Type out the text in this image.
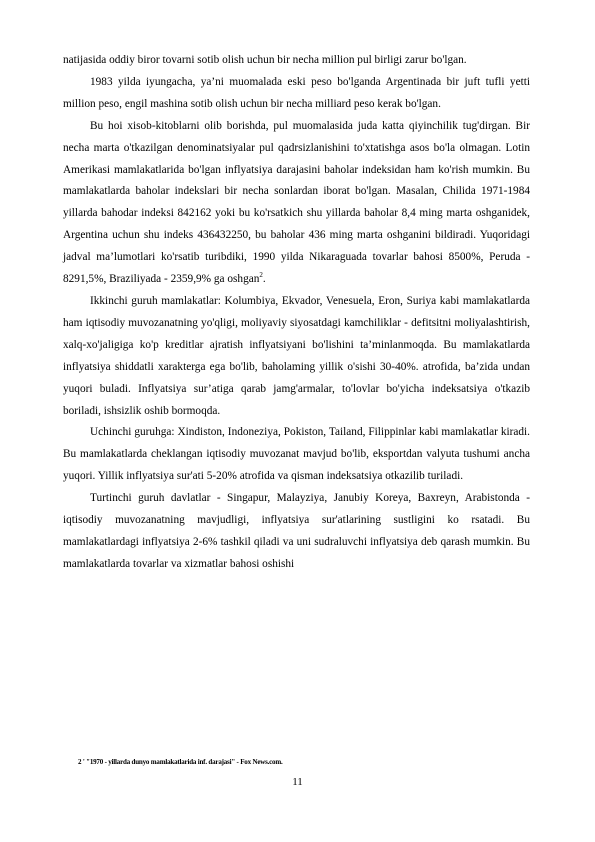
natijasida oddiy biror tovarni sotib olish uchun bir necha million pul birligi zarur bo'lgan.

1983 yilda iyungacha, ya’ni muomalada eski peso bo'lganda Argentinada bir juft tufli yetti million peso, engil mashina sotib olish uchun bir necha milliard peso kerak bo'lgan.

Bu hoi xisob-kitoblarni olib borishda, pul muomalasida juda katta qiyinchilik tug'dirgan. Bir necha marta o'tkazilgan denominatsiyalar pul qadrsizlanishini to'xtatishga asos bo'la olmagan. Lotin Amerikasi mamlakatlarida bo'lgan inflyatsiya darajasini baholar indeksidan ham ko'rish mumkin. Bu mamlakatlarda baholar indekslari bir necha sonlardan iborat bo'lgan. Masalan, Chilida 1971-1984 yillarda bahodar indeksi 842162 yoki bu ko'rsatkich shu yillarda baholar 8,4 ming marta oshganidek, Argentina uchun shu indeks 436432250, bu baholar 436 ming marta oshganini bildiradi. Yuqoridagi jadval ma’lumotlari ko'rsatib turibdiki, 1990 yilda Nikaraguada tovarlar bahosi 8500%, Peruda - 8291,5%, Braziliyada - 2359,9% ga oshgan$^2$.

Ikkinchi guruh mamlakatlar: Kolumbiya, Ekvador, Venesuela, Eron, Suriya kabi mamlakatlarda ham iqtisodiy muvozanatning yo'qligi, moliyaviy siyosatdagi kamchiliklar - defitsitni moliyalashtirish, xalq-xo'jaligiga ko'p kreditlar ajratish inflyatsiyani bo'lishini ta’minlanmoqda. Bu mamlakatlarda inflyatsiya shiddatli xarakterga ega bo'lib, baholaming yillik o'sishi 30-40%. atrofida, ba’zida undan yuqori buladi. Inflyatsiya sur’atiga qarab jamg'armalar, to'lovlar bo'yicha indeksatsiya o'tkazib boriladi, ishsizlik oshib bormoqda.

Uchinchi guruhga: Xindiston, Indoneziya, Pokiston, Tailand, Filippinlar kabi mamlakatlar kiradi. Bu mamlakatlarda cheklangan iqtisodiy muvozanat mavjud bo'lib, eksportdan valyuta tushumi ancha yuqori. Yillik inflyatsiya sur'ati 5-20% atrofida va qisman indeksatsiya otkazilib turiladi.

Turtinchi guruh davlatlar - Singapur, Malayziya, Janubiy Koreya, Baxreyn, Arabistonda - iqtisodiy muvozanatning mavjudligi, inflyatsiya sur'atlarining sustligini ko rsatadi. Bu mamlakatlardagi inflyatsiya 2-6% tashkil qiladi va uni sudraluvchi inflyatsiya deb qarash mumkin. Bu mamlakatlarda tovarlar va xizmatlar bahosi oshishi

2 ' "1970 - yillarda dunyo mamlakatlarida inf. darajasi" - Fox News.com.
11
